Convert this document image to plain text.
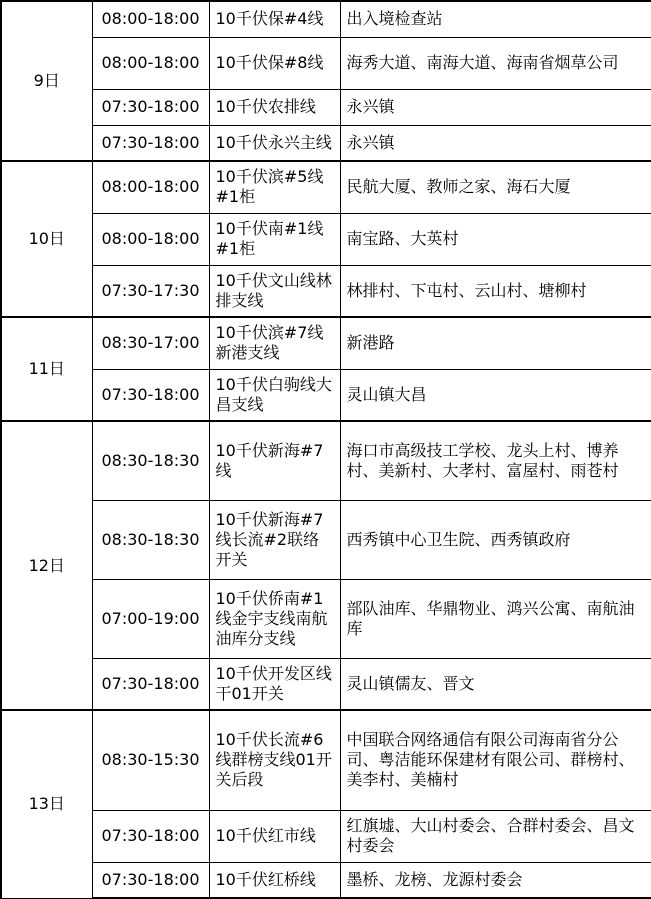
9日	08:00-18:00	10千伏保#4线	出入境检查站
	08:00-18:00	10千伏保#8线	海秀大道、南海大道、海南省烟草公司
	07:30-18:00	10千伏农排线	永兴镇
	07:30-18:00	10千伏永兴主线	永兴镇
10日	08:00-18:00	10千伏滨#5线#1柜	民航大厦、教师之家、海石大厦
	08:00-18:00	10千伏南#1线#1柜	南宝路、大英村
	07:30-17:30	10千伏文山线林排支线	林排村、下屯村、云山村、塘柳村
11日	08:30-17:00	10千伏滨#7线新港支线	新港路
	07:30-18:00	10千伏白驹线大昌支线	灵山镇大昌
12日	08:30-18:30	10千伏新海#7线	海口市高级技工学校、龙头上村、博养村、美新村、大孝村、富屋村、雨苍村
	08:30-18:30	10千伏新海#7线长流#2联络开关	西秀镇中心卫生院、西秀镇政府
	07:00-19:00	10千伏侨南#1线金宇支线南航油库分支线	部队油库、华鼎物业、鸿兴公寓、南航油库
	07:30-18:00	10千伏开发区线干01开关	灵山镇儒友、晋文
13日	08:30-15:30	10千伏长流#6线群榜支线01开关后段	中国联合网络通信有限公司海南省分公司、粤洁能环保建材有限公司、群榜村、美李村、美楠村
	07:30-18:00	10千伏红市线	红旗墟、大山村委会、合群村委会、昌文村委会
	07:30-18:00	10千伏红桥线	墨桥、龙榜、龙源村委会
